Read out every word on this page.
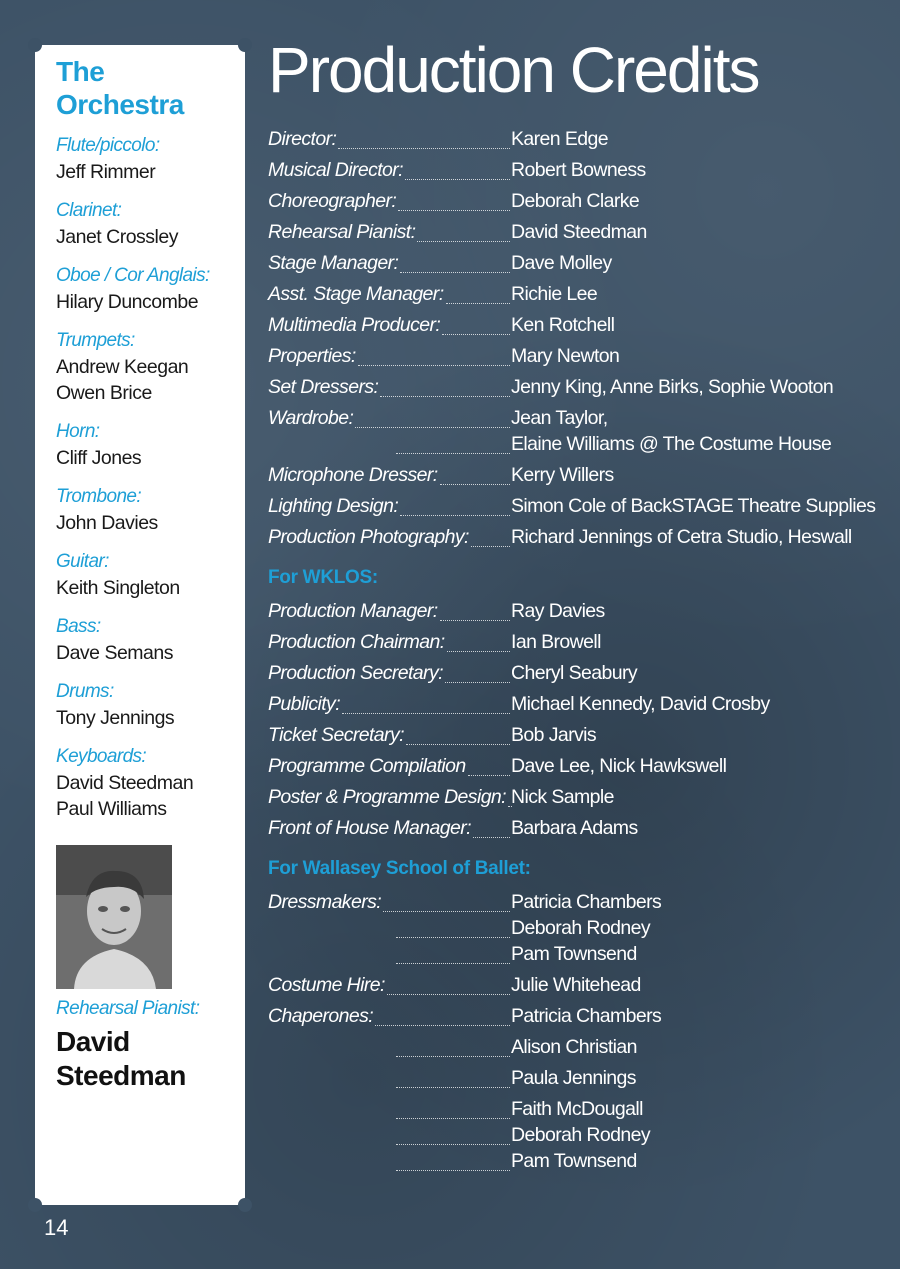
The
Orchestra
Flute/piccolo:
Jeff Rimmer
Clarinet:
Janet Crossley
Oboe / Cor Anglais:
Hilary Duncombe
Trumpets:
Andrew Keegan
Owen Brice
Horn:
Cliff Jones
Trombone:
John Davies
Guitar:
Keith Singleton
Bass:
Dave Semans
Drums:
Tony Jennings
Keyboards:
David Steedman
Paul Williams
Rehearsal Pianist:
David
Steedman
14
Production Credits
Director:	Karen Edge
Musical Director:	Robert Bowness
Choreographer:	Deborah Clarke
Rehearsal Pianist:	David Steedman
Stage Manager:	Dave Molley
Asst. Stage Manager:	Richie Lee
Multimedia Producer:	Ken Rotchell
Properties:	Mary Newton
Set Dressers:	Jenny King, Anne Birks, Sophie Wooton
Wardrobe:	Jean Taylor,
Elaine Williams @ The Costume House
Microphone Dresser:	Kerry Willers
Lighting Design:	Simon Cole of BackSTAGE Theatre Supplies
Production Photography: Richard Jennings of Cetra Studio, Heswall
For WKLOS:
Production Manager:	Ray Davies
Production Chairman:	Ian Browell
Production Secretary:	Cheryl Seabury
Publicity:	Michael Kennedy, David Crosby
Ticket Secretary:	Bob Jarvis
Programme Compilation Dave Lee, Nick Hawkswell
Poster & Programme Design: Nick Sample
Front of House Manager: Barbara Adams
For Wallasey School of Ballet:
Dressmakers:	Patricia Chambers
Deborah Rodney
Pam Townsend
Costume Hire:	Julie Whitehead
Chaperones:	Patricia Chambers
Alison Christian
Paula Jennings
Faith McDougall
Deborah Rodney
Pam Townsend
